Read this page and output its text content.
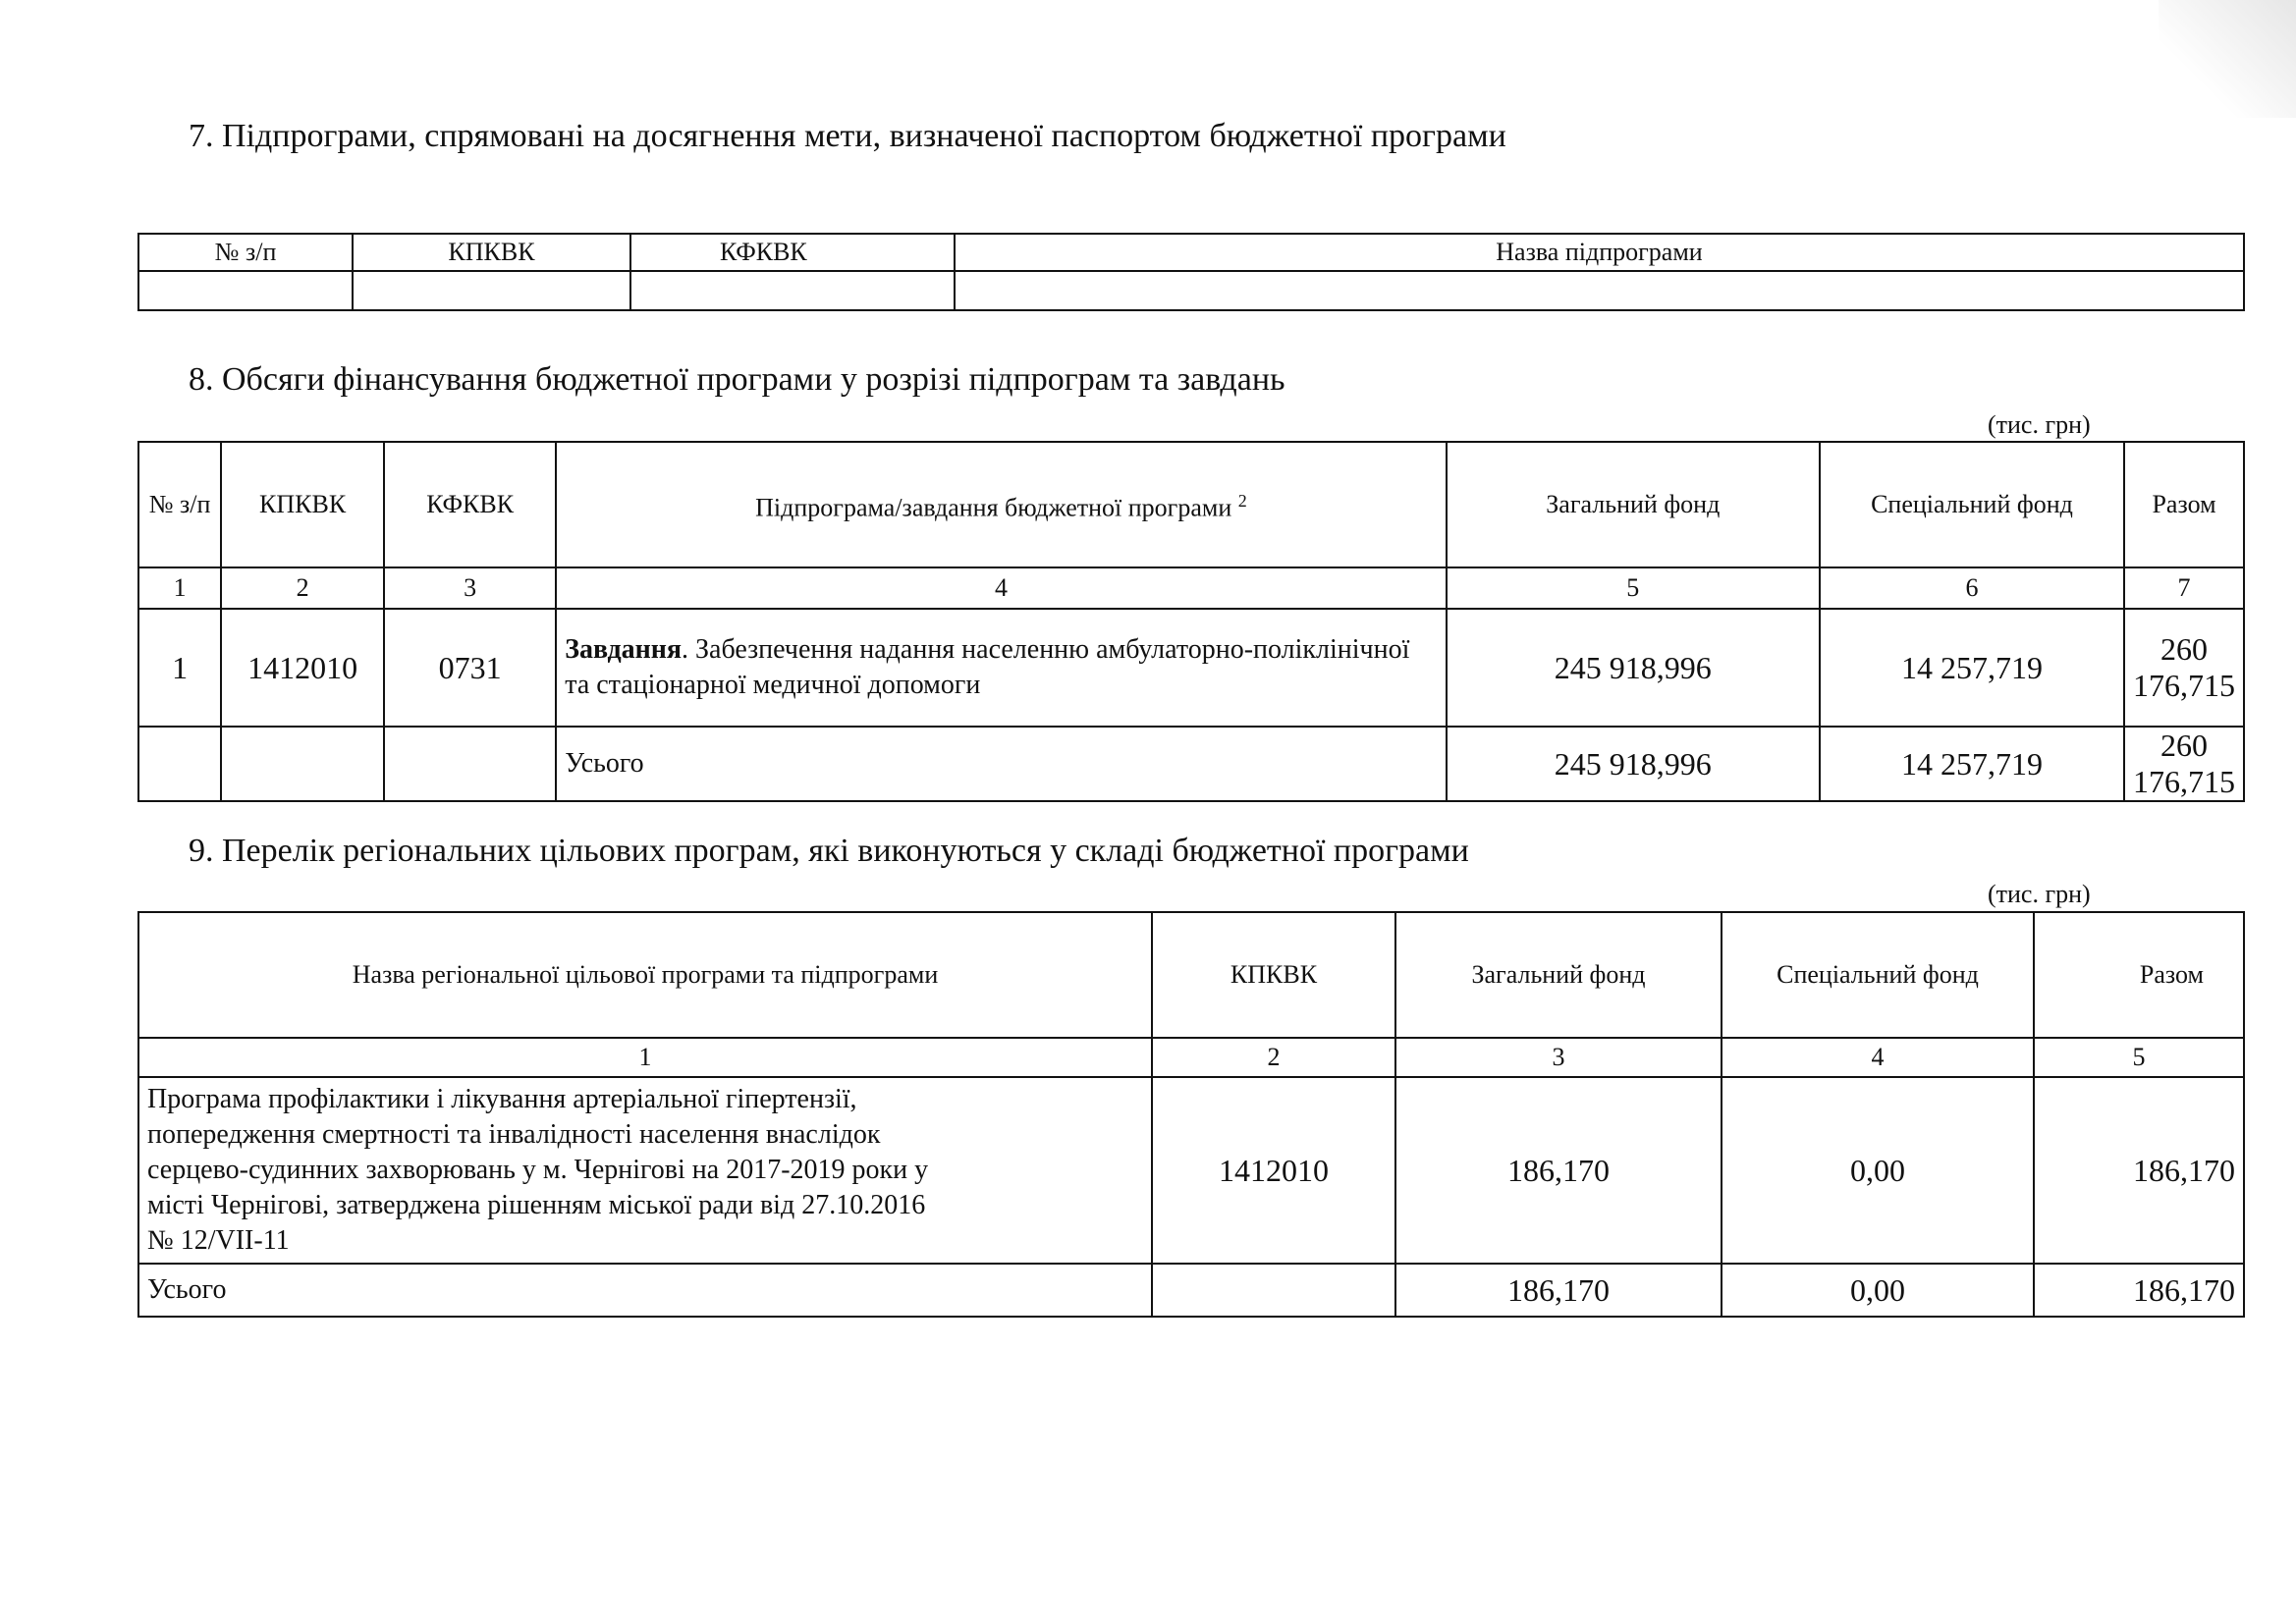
7. Підпрограми, спрямовані на досягнення мети, визначеної паспортом бюджетної програми
№ з/п	КПКВК	КФКВК	Назва підпрограми

8. Обсяги фінансування бюджетної програми у розрізі підпрограм та завдань
(тис. грн)
№ з/п	КПКВК	КФКВК	Підпрограма/завдання бюджетної програми $^2$	Загальний фонд	Спеціальний фонд	Разом
1	2	3	4	5	6	7
1	1412010	0731	Завдання. Забезпечення надання населенню амбулаторно-поліклінічної та стаціонарної медичної допомоги	245 918,996	14 257,719	260 176,715
			Усього	245 918,996	14 257,719	260 176,715
9. Перелік регіональних цільових програм, які виконуються у складі бюджетної програми
(тис. грн)
Назва регіональної цільової програми та підпрограми	КПКВК	Загальний фонд	Спеціальний фонд	Разом
1	2	3	4	5

Програма профілактики і лікування артеріальної гіпертензії,
попередження смертності та інвалідності населення внаслідок
серцево-судинних захворювань у м. Чернігові на 2017-2019 роки у
місті Чернігові, затверджена рішенням міської ради від 27.10.2016
№ 12/VII-11	1412010	186,170	0,00	186,170
Усього		186,170	0,00	186,170
